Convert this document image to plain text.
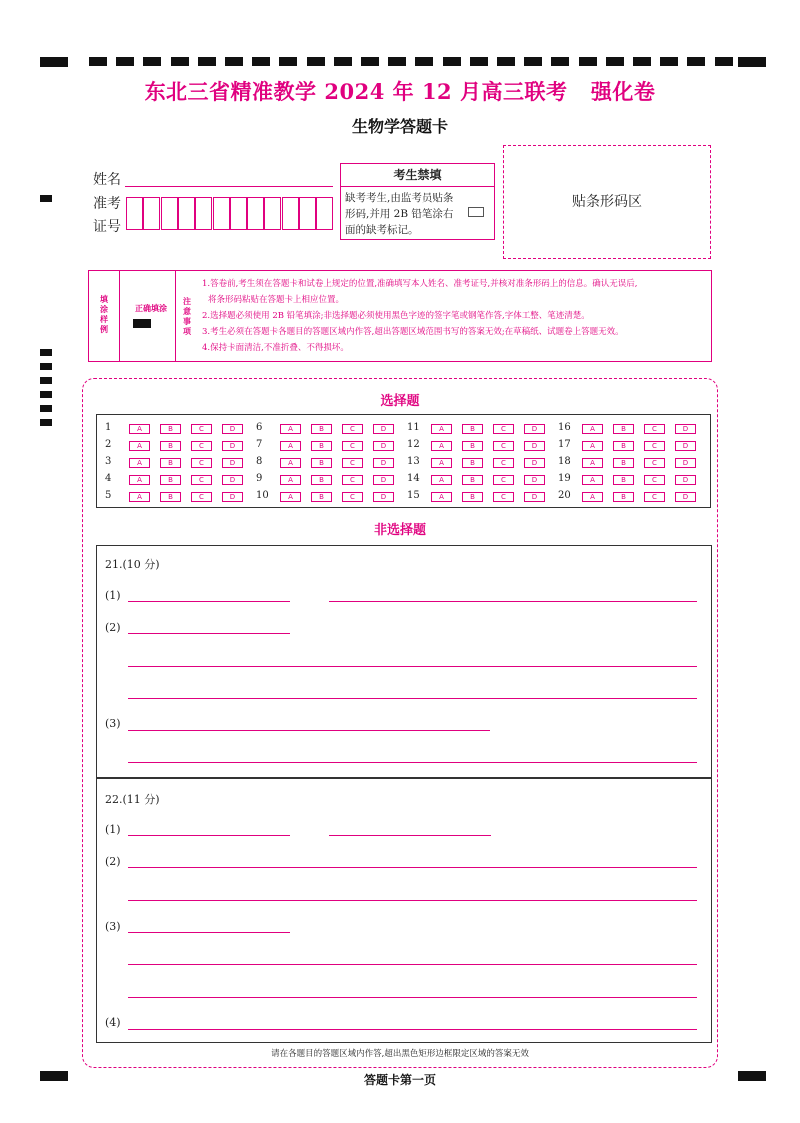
东北三省精准教学 2024 年 12 月高三联考   强化卷
生物学答题卡
姓名
准考
证号
考生禁填
缺考考生,由监考员贴条形码,并用 2B 铅笔涂右面的缺考标记。
贴条形码区
填涂样例
正确填涂
注意事项
1.答卷前,考生须在答题卡和试卷上规定的位置,准确填写本人姓名、准考证号,并核对准条形码上的信息。确认无误后,
将条形码粘贴在答题卡上相应位置。
2.选择题必须使用 2B 铅笔填涂;非选择题必须使用黑色字迹的签字笔或钢笔作答,字体工整、笔迹清楚。
3.考生必须在答题卡各题目的答题区域内作答,超出答题区域范围书写的答案无效;在草稿纸、试题卷上答题无效。
4.保持卡面清洁,不准折叠、不得损坏。
选择题
1	A	B	C	D	6	A	B	C	D	11	A	B	C	D	16	A	B	C	D
2	A	B	C	D	7	A	B	C	D	12	A	B	C	D	17	A	B	C	D
3	A	B	C	D	8	A	B	C	D	13	A	B	C	D	18	A	B	C	D
4	A	B	C	D	9	A	B	C	D	14	A	B	C	D	19	A	B	C	D
5	A	B	C	D	10	A	B	C	D	15	A	B	C	D	20	A	B	C	D
非选择题
21.(10 分)
(1)
(2)
(3)
22.(11 分)
(1)
(2)
(3)
(4)
请在各题目的答题区域内作答,超出黑色矩形边框限定区域的答案无效
答题卡第一页
